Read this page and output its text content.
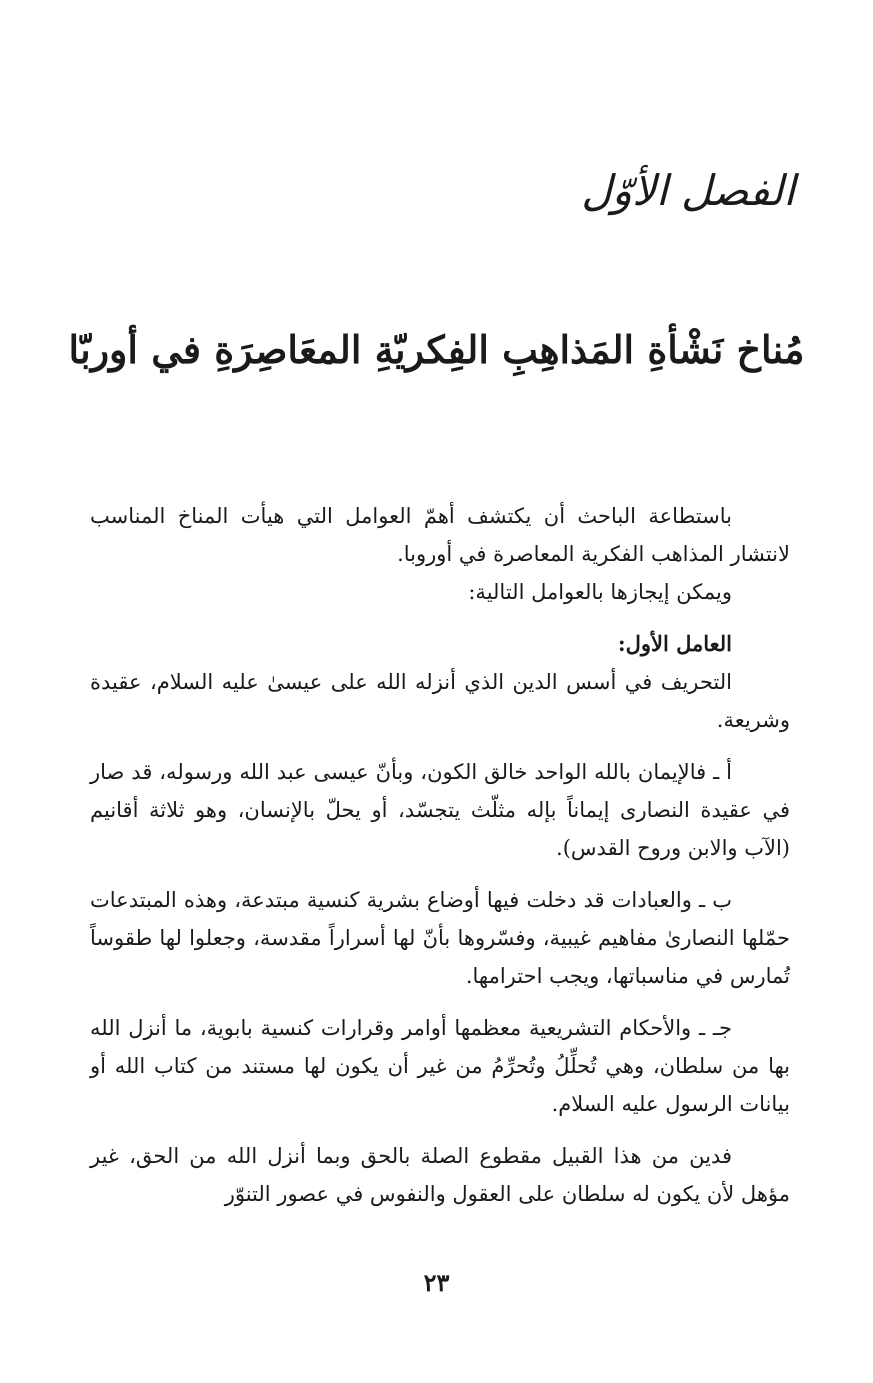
الفصل الأوّل
مُناخ نَشْأةِ المَذاهِبِ الفِكريّةِ المعَاصِرَةِ في أوربّا

باستطاعة الباحث أن يكتشف أهمّ العوامل التي هيأت المناخ المناسب لانتشار المذاهب الفكرية المعاصرة في أوروبا.

ويمكن إيجازها بالعوامل التالية:

العامل الأول:

التحريف في أسس الدين الذي أنزله الله على عيسىٰ عليه السلام، عقيدة وشريعة.

أ ـ فالإيمان بالله الواحد خالق الكون، وبأنّ عيسى عبد الله ورسوله، قد صار في عقيدة النصارى إيماناً بإله مثلّث يتجسّد، أو يحلّ بالإنسان، وهو ثلاثة أقانيم (الآب والابن وروح القدس).

ب ـ والعبادات قد دخلت فيها أوضاع بشرية كنسية مبتدعة، وهذه المبتدعات حمّلها النصارىٰ مفاهيم غيبية، وفسّروها بأنّ لها أسراراً مقدسة، وجعلوا لها طقوساً تُمارس في مناسباتها، ويجب احترامها.

جـ ـ والأحكام التشريعية معظمها أوامر وقرارات كنسية بابوية، ما أنزل الله بها من سلطان، وهي تُحلِّلُ وتُحرِّمُ من غير أن يكون لها مستند من كتاب الله أو بيانات الرسول عليه السلام.

فدين من هذا القبيل مقطوع الصلة بالحق وبما أنزل الله من الحق، غير مؤهل لأن يكون له سلطان على العقول والنفوس في عصور التنوّر

٢٣
